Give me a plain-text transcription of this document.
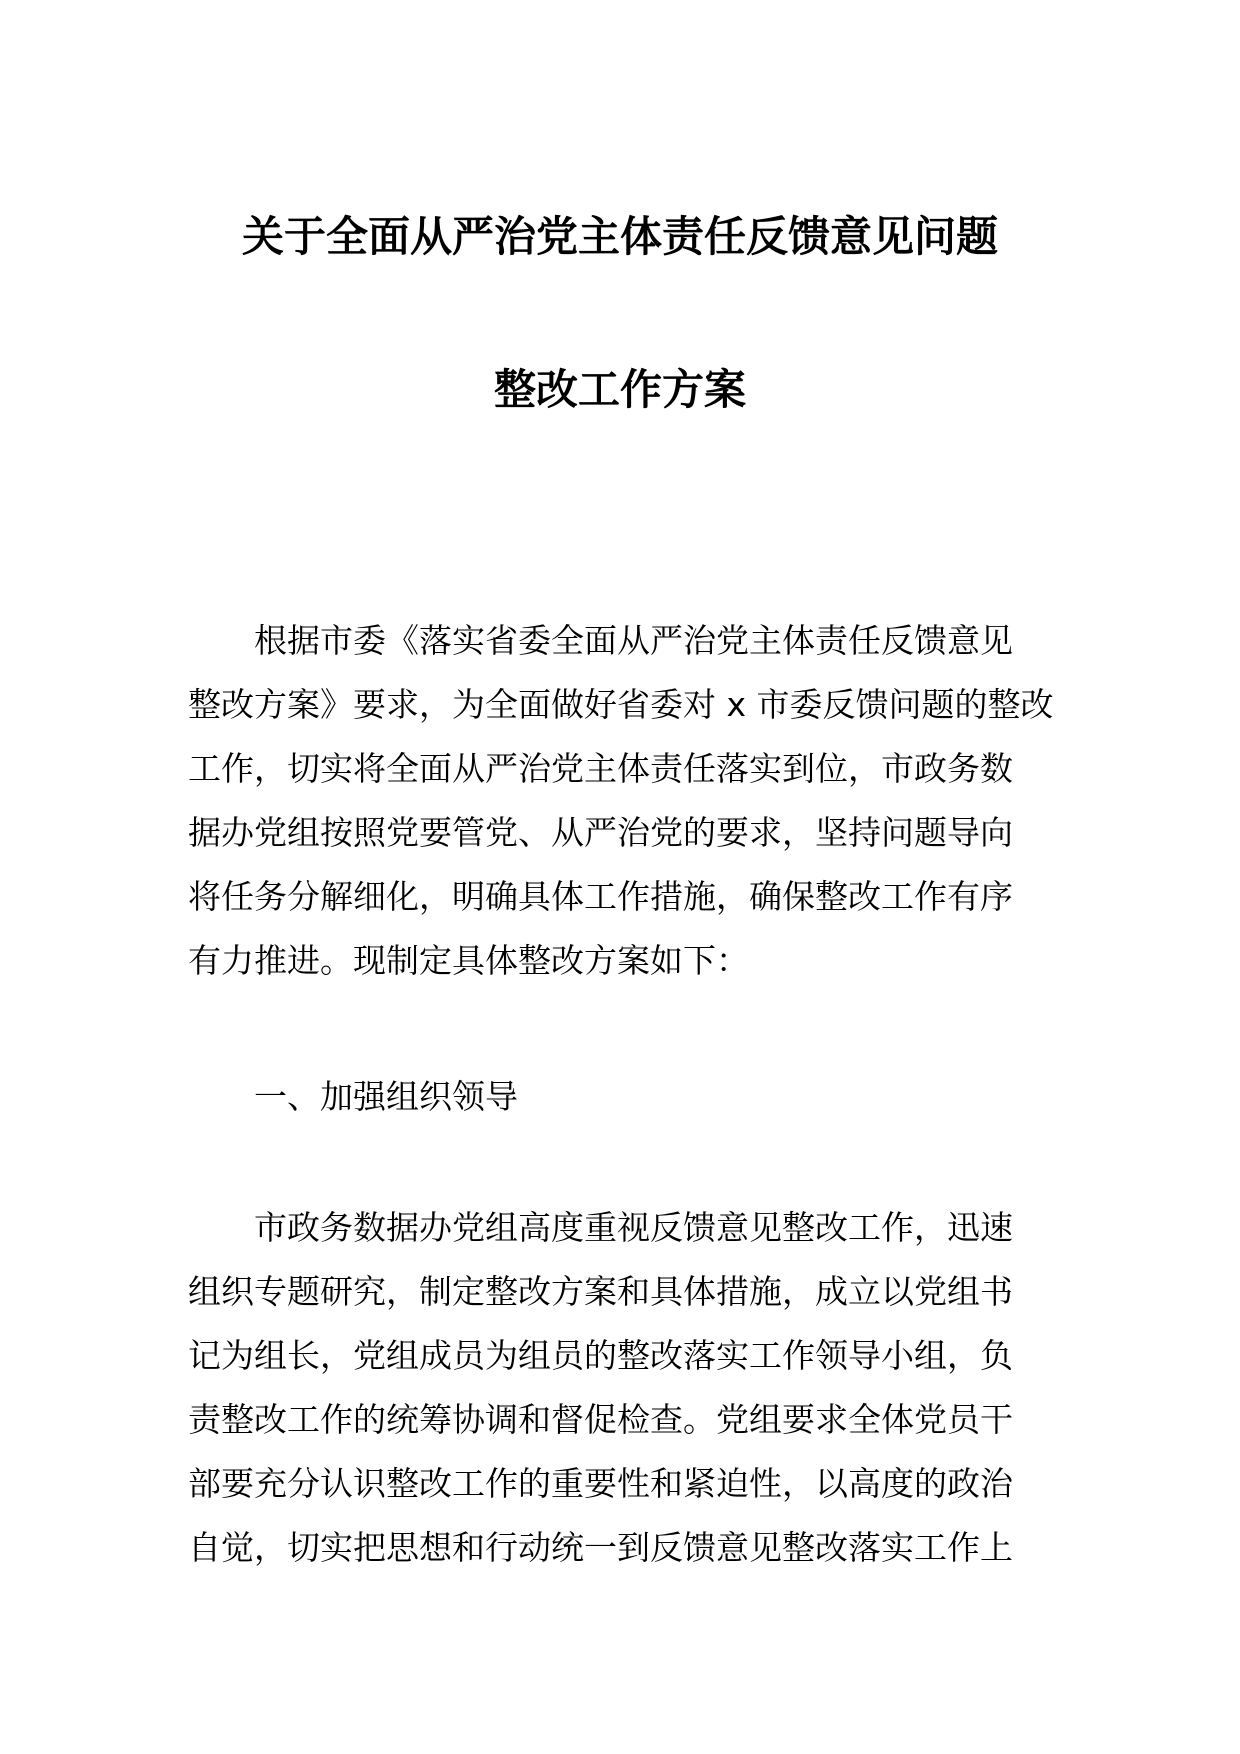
关于全面从严治党主体责任反馈意见问题
整改工作方案
根据市委《落实省委全面从严治党主体责任反馈意见
整改方案》要求，为全面做好省委对 x 市委反馈问题的整改
工作，切实将全面从严治党主体责任落实到位，市政务数
据办党组按照党要管党、从严治党的要求，坚持问题导向
将任务分解细化，明确具体工作措施，确保整改工作有序
有力推进。现制定具体整改方案如下：
一、加强组织领导
市政务数据办党组高度重视反馈意见整改工作，迅速
组织专题研究，制定整改方案和具体措施，成立以党组书
记为组长，党组成员为组员的整改落实工作领导小组，负
责整改工作的统筹协调和督促检查。党组要求全体党员干
部要充分认识整改工作的重要性和紧迫性，以高度的政治
自觉，切实把思想和行动统一到反馈意见整改落实工作上
